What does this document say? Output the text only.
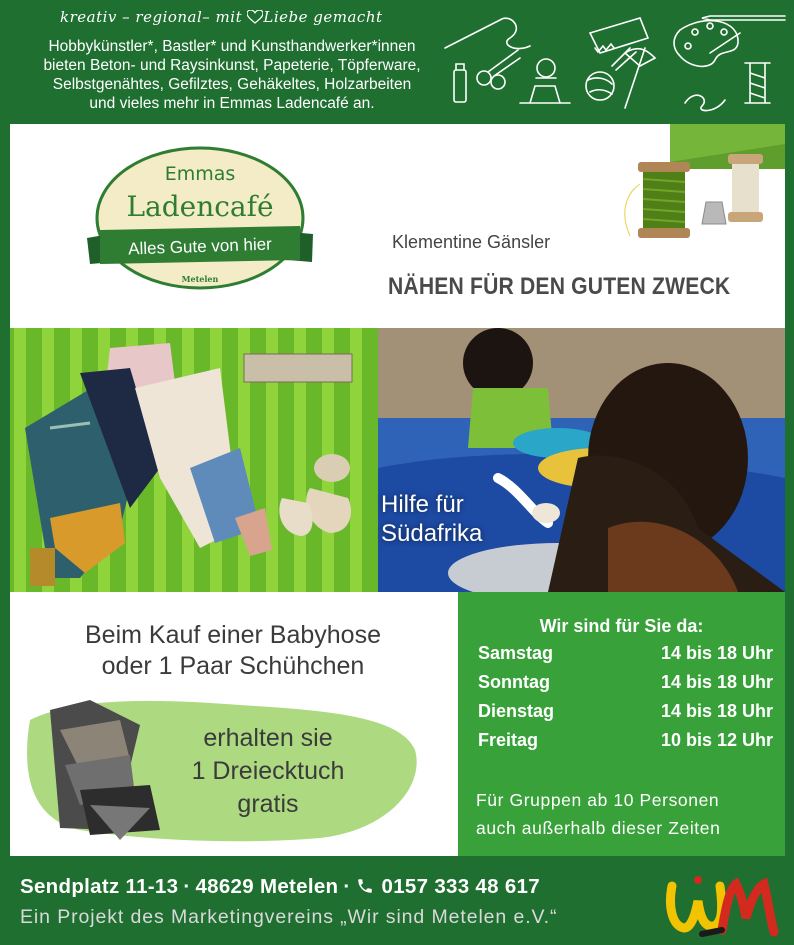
kreativ – regional– mit Liebe gemacht
Hobbykünstler*, Bastler* und Kunsthandwerker*innen
bieten Beton- und Raysinkunst, Papeterie, Töpferware,
Selbstgenähtes, Gefilztes, Gehäkeltes, Holzarbeiten
und vieles mehr in Emmas Ladencafé an.
Emmas
Ladencafé
Alles Gute von hier
Metelen
Klementine Gänsler
NÄHEN FÜR DEN GUTEN ZWECK
Hilfe für
Südafrika
Beim Kauf einer Babyhose
oder 1 Paar Schühchen
erhalten sie
1 Dreiecktuch
gratis
Wir sind für Sie da:
Samstag	14 bis 18 Uhr
Sonntag	14 bis 18 Uhr
Dienstag	14 bis 18 Uhr
Freitag	10 bis 12 Uhr
Für Gruppen ab 10 Personen
auch außerhalb dieser Zeiten
Sendplatz 11-13 · 48629 Metelen · 0157 333 48 617
Ein Projekt des Marketingvereins „Wir sind Metelen e.V.“
